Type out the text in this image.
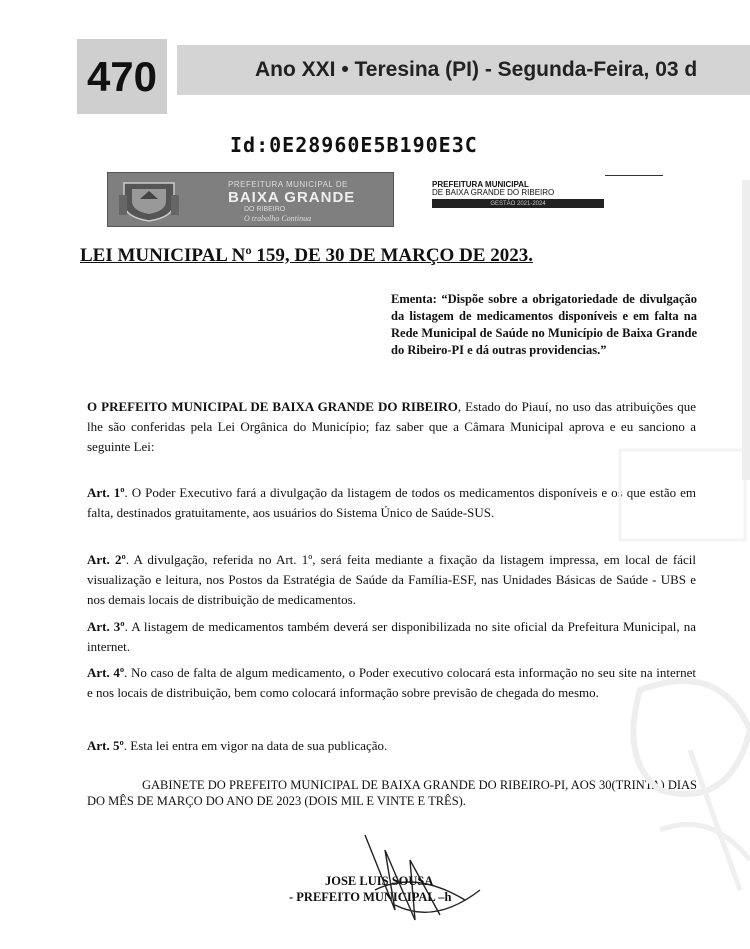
470	Ano XXI • Teresina (PI) - Segunda-Feira, 03 d
Id:0E28960E5B190E3C
PREFEITURA MUNICIPAL DE
BAIXA GRANDE
DO RIBEIRO
O trabalho Continua
PREFEITURA MUNICIPAL
DE BAIXA GRANDE DO RIBEIRO
GESTÃO 2021-2024
LEI MUNICIPAL Nº 159, DE 30 DE MARÇO DE 2023.
Ementa: “Dispõe sobre a obrigatoriedade de divulgação da listagem de medicamentos disponíveis e em falta na Rede Municipal de Saúde no Município de Baixa Grande do Ribeiro-PI e dá outras providencias.”
O PREFEITO MUNICIPAL DE BAIXA GRANDE DO RIBEIRO, Estado do Piauí, no uso das atribuições que lhe são conferidas pela Lei Orgânica do Município; faz saber que a Câmara Municipal aprova e eu sanciono a seguinte Lei:
Art. 1º. O Poder Executivo fará a divulgação da listagem de todos os medicamentos disponíveis e os que estão em falta, destinados gratuitamente, aos usuários do Sistema Único de Saúde-SUS.
Art. 2º. A divulgação, referida no Art. 1º, será feita mediante a fixação da listagem impressa, em local de fácil visualização e leitura, nos Postos da Estratégia de Saúde da Família-ESF, nas Unidades Básicas de Saúde - UBS e nos demais locais de distribuição de medicamentos.
Art. 3º. A listagem de medicamentos também deverá ser disponibilizada no site oficial da Prefeitura Municipal, na internet.
Art. 4º. No caso de falta de algum medicamento, o Poder executivo colocará esta informação no seu site na internet e nos locais de distribuição, bem como colocará informação sobre previsão de chegada do mesmo.
Art. 5º. Esta lei entra em vigor na data de sua publicação.
GABINETE DO PREFEITO MUNICIPAL DE BAIXA GRANDE DO RIBEIRO-PI, AOS 30(TRINTA) DIAS DO MÊS DE MARÇO DO ANO DE 2023 (DOIS MIL E VINTE E TRÊS).
JOSE LUIS SOUSA
- PREFEITO MUNICIPAL –h
